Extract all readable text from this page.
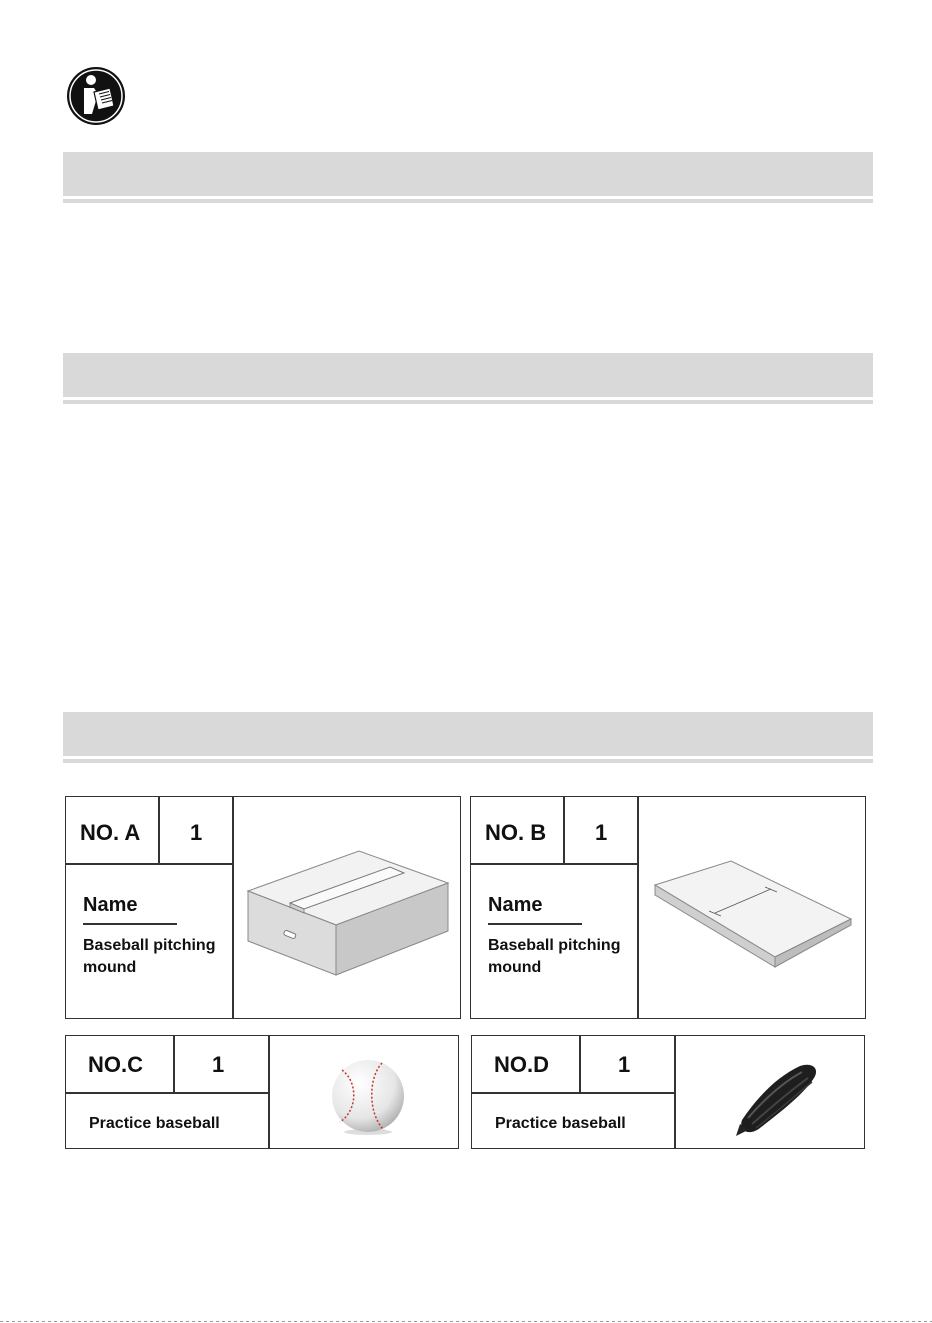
NO. A 1
Name
Baseball pitching mound
NO. B 1
Name
Baseball pitching mound
NO.C	1
Practice baseball
NO.D	1
Practice baseball
